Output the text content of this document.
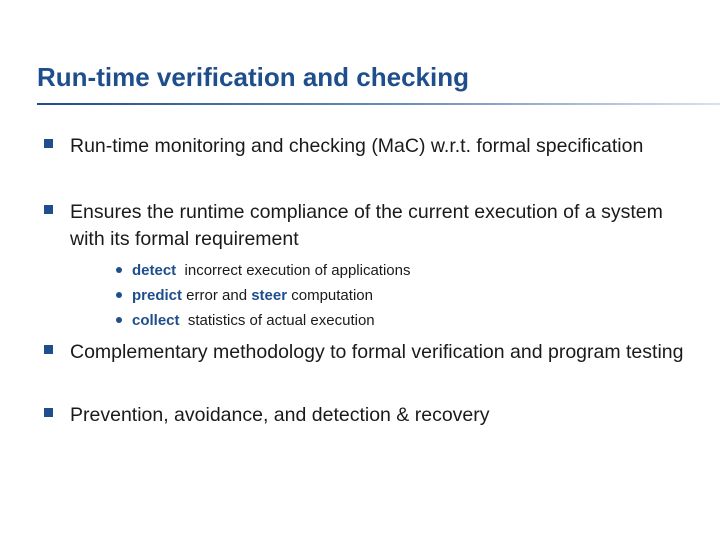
Run-time verification and checking
Run-time monitoring and checking (MaC) w.r.t. formal specification
Ensures the runtime compliance of the current execution of a system with its formal requirement
detect  incorrect execution of applications
predict error and steer computation
collect  statistics of actual execution
Complementary methodology to formal verification and program testing
Prevention, avoidance, and detection & recovery
